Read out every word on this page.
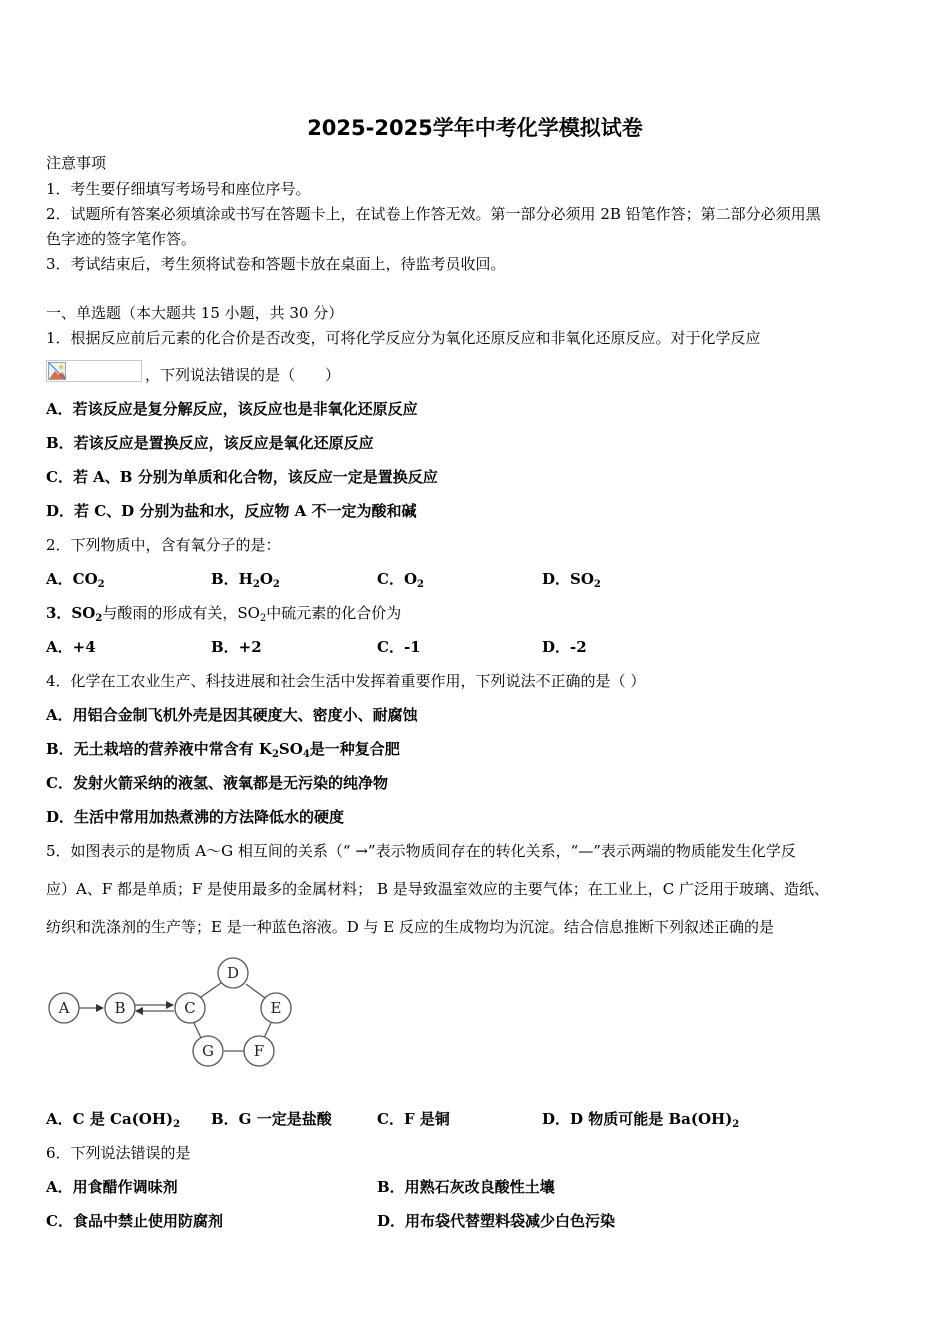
2025-2025学年中考化学模拟试卷
注意事项
1．考生要仔细填写考场号和座位序号。
2．试题所有答案必须填涂或书写在答题卡上，在试卷上作答无效。第一部分必须用 2B 铅笔作答；第二部分必须用黑
色字迹的签字笔作答。
3．考试结束后，考生须将试卷和答题卡放在桌面上，待监考员收回。
一、单选题（本大题共 15 小题，共 30 分）
1．根据反应前后元素的化合价是否改变，可将化学反应分为氧化还原反应和非氧化还原反应。对于化学反应
，下列说法错误的是（　　）
A．若该反应是复分解反应，该反应也是非氧化还原反应
B．若该反应是置换反应，该反应是氧化还原反应
C．若 A、B 分别为单质和化合物，该反应一定是置换反应
D．若 C、D 分别为盐和水，反应物 A 不一定为酸和碱
2．下列物质中，含有氧分子的是：
A．$CO_2$	B．$H_2O_2$	C．$O_2$	D．$SO_2$
3．$SO_2$与酸雨的形成有关，$SO_2$中硫元素的化合价为
A．+4	B．+2	C．-1	D．-2
4．化学在工农业生产、科技进展和社会生活中发挥着重要作用，下列说法不正确的是（ ）
A．用铝合金制飞机外壳是因其硬度大、密度小、耐腐蚀
B．无土栽培的营养液中常含有 $K_2SO_4$是一种复合肥
C．发射火箭采纳的液氢、液氧都是无污染的纯净物
D．生活中常用加热煮沸的方法降低水的硬度
5．如图表示的是物质 A～G 相互间的关系（“ →”表示物质间存在的转化关系，“—”表示两端的物质能发生化学反
应）A、F 都是单质；F 是使用最多的金属材料； B 是导致温室效应的主要气体；在工业上，C 广泛用于玻璃、造纸、
纺织和洗涤剂的生产等；E 是一种蓝色溶液。D 与 E 反应的生成物均为沉淀。结合信息推断下列叙述正确的是
A	B	C
D
E
F
G
A．C 是 $Ca(OH)_2$ B．G 一定是盐酸	C．F 是铜	D．D 物质可能是 $Ba(OH)_2$
6．下列说法错误的是
A．用食醋作调味剂	B．用熟石灰改良酸性土壤
C．食品中禁止使用防腐剂	D．用布袋代替塑料袋减少白色污染
